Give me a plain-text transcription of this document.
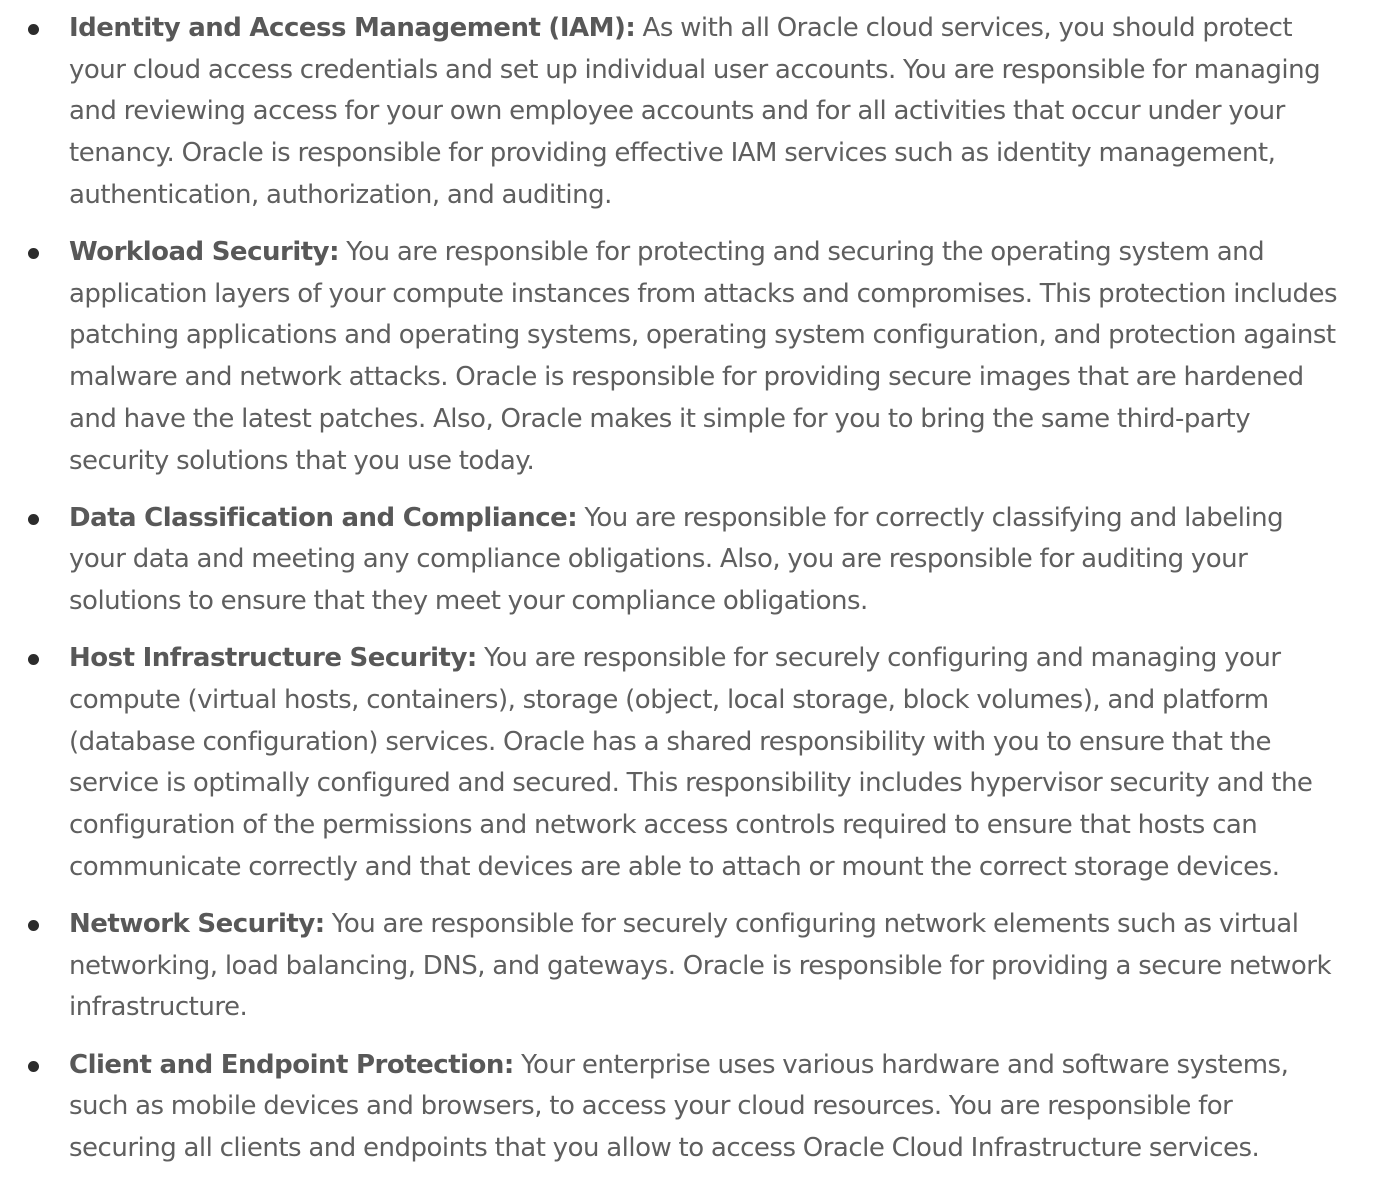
Identity and Access Management (IAM): As with all Oracle cloud services, you should protect your cloud access credentials and set up individual user accounts. You are responsible for managing and reviewing access for your own employee accounts and for all activities that occur under your tenancy. Oracle is responsible for providing effective IAM services such as identity management, authentication, authorization, and auditing.
Workload Security: You are responsible for protecting and securing the operating system and application layers of your compute instances from attacks and compromises. This protection includes patching applications and operating systems, operating system configuration, and protection against malware and network attacks. Oracle is responsible for providing secure images that are hardened and have the latest patches. Also, Oracle makes it simple for you to bring the same third-party security solutions that you use today.
Data Classification and Compliance: You are responsible for correctly classifying and labeling your data and meeting any compliance obligations. Also, you are responsible for auditing your solutions to ensure that they meet your compliance obligations.
Host Infrastructure Security: You are responsible for securely configuring and managing your compute (virtual hosts, containers), storage (object, local storage, block volumes), and platform (database configuration) services. Oracle has a shared responsibility with you to ensure that the service is optimally configured and secured. This responsibility includes hypervisor security and the configuration of the permissions and network access controls required to ensure that hosts can communicate correctly and that devices are able to attach or mount the correct storage devices.
Network Security: You are responsible for securely configuring network elements such as virtual networking, load balancing, DNS, and gateways. Oracle is responsible for providing a secure network infrastructure.
Client and Endpoint Protection: Your enterprise uses various hardware and software systems, such as mobile devices and browsers, to access your cloud resources. You are responsible for securing all clients and endpoints that you allow to access Oracle Cloud Infrastructure services.
